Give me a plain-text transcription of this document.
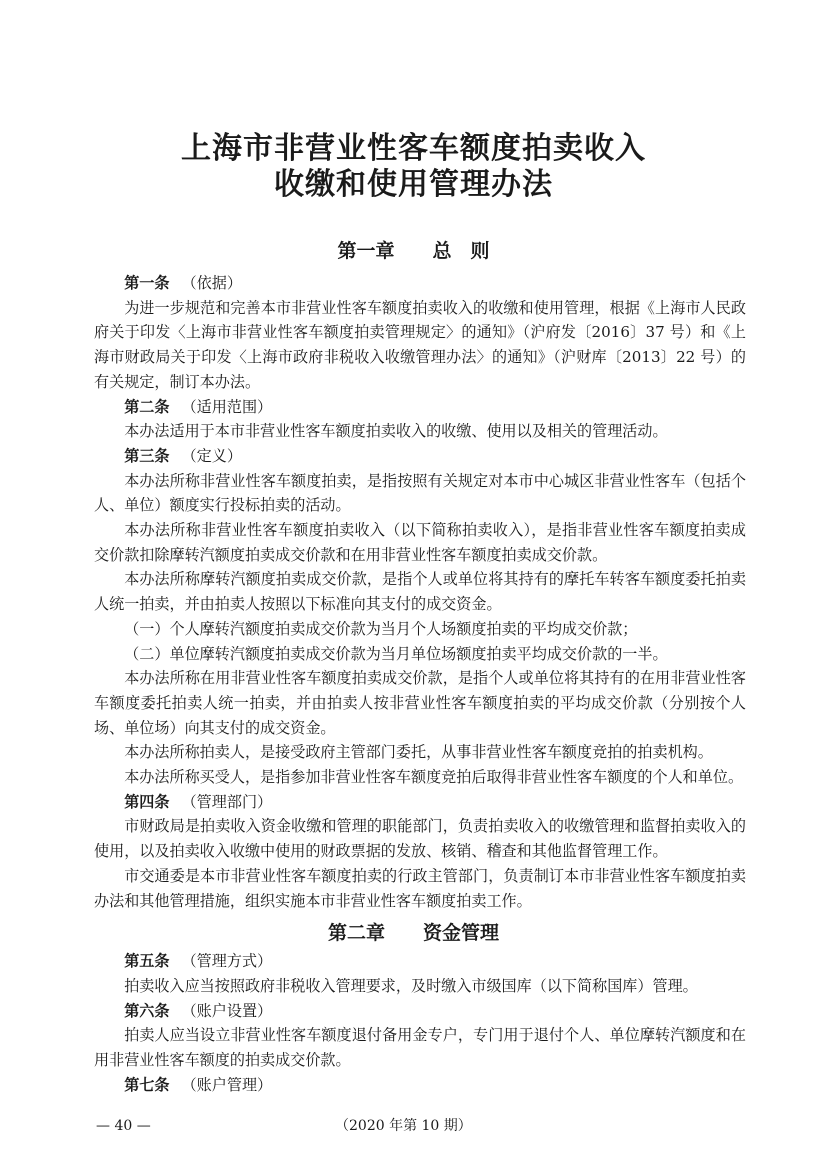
上海市非营业性客车额度拍卖收入
收缴和使用管理办法
第一章   总　则

第一条 （依据）

为进一步规范和完善本市非营业性客车额度拍卖收入的收缴和使用管理，根据《上海市人民政府关于印发〈上海市非营业性客车额度拍卖管理规定〉的通知》（沪府发〔2016〕37 号）和《上海市财政局关于印发〈上海市政府非税收入收缴管理办法〉的通知》（沪财库〔2013〕22 号）的有关规定，制订本办法。

第二条 （适用范围）

本办法适用于本市非营业性客车额度拍卖收入的收缴、使用以及相关的管理活动。

第三条 （定义）

本办法所称非营业性客车额度拍卖，是指按照有关规定对本市中心城区非营业性客车（包括个人、单位）额度实行投标拍卖的活动。

本办法所称非营业性客车额度拍卖收入（以下简称拍卖收入），是指非营业性客车额度拍卖成交价款扣除摩转汽额度拍卖成交价款和在用非营业性客车额度拍卖成交价款。

本办法所称摩转汽额度拍卖成交价款，是指个人或单位将其持有的摩托车转客车额度委托拍卖人统一拍卖，并由拍卖人按照以下标准向其支付的成交资金。

（一）个人摩转汽额度拍卖成交价款为当月个人场额度拍卖的平均成交价款；

（二）单位摩转汽额度拍卖成交价款为当月单位场额度拍卖平均成交价款的一半。

本办法所称在用非营业性客车额度拍卖成交价款，是指个人或单位将其持有的在用非营业性客车额度委托拍卖人统一拍卖，并由拍卖人按非营业性客车额度拍卖的平均成交价款（分别按个人场、单位场）向其支付的成交资金。

本办法所称拍卖人，是接受政府主管部门委托，从事非营业性客车额度竞拍的拍卖机构。

本办法所称买受人，是指参加非营业性客车额度竞拍后取得非营业性客车额度的个人和单位。

第四条 （管理部门）

市财政局是拍卖收入资金收缴和管理的职能部门，负责拍卖收入的收缴管理和监督拍卖收入的使用，以及拍卖收入收缴中使用的财政票据的发放、核销、稽查和其他监督管理工作。

市交通委是本市非营业性客车额度拍卖的行政主管部门，负责制订本市非营业性客车额度拍卖办法和其他管理措施，组织实施本市非营业性客车额度拍卖工作。

第二章   资金管理

第五条 （管理方式）

拍卖收入应当按照政府非税收入管理要求，及时缴入市级国库（以下简称国库）管理。

第六条 （账户设置）

拍卖人应当设立非营业性客车额度退付备用金专户，专门用于退付个人、单位摩转汽额度和在用非营业性客车额度的拍卖成交价款。

第七条 （账户管理）

— 40 —	（2020 年第 10 期）
